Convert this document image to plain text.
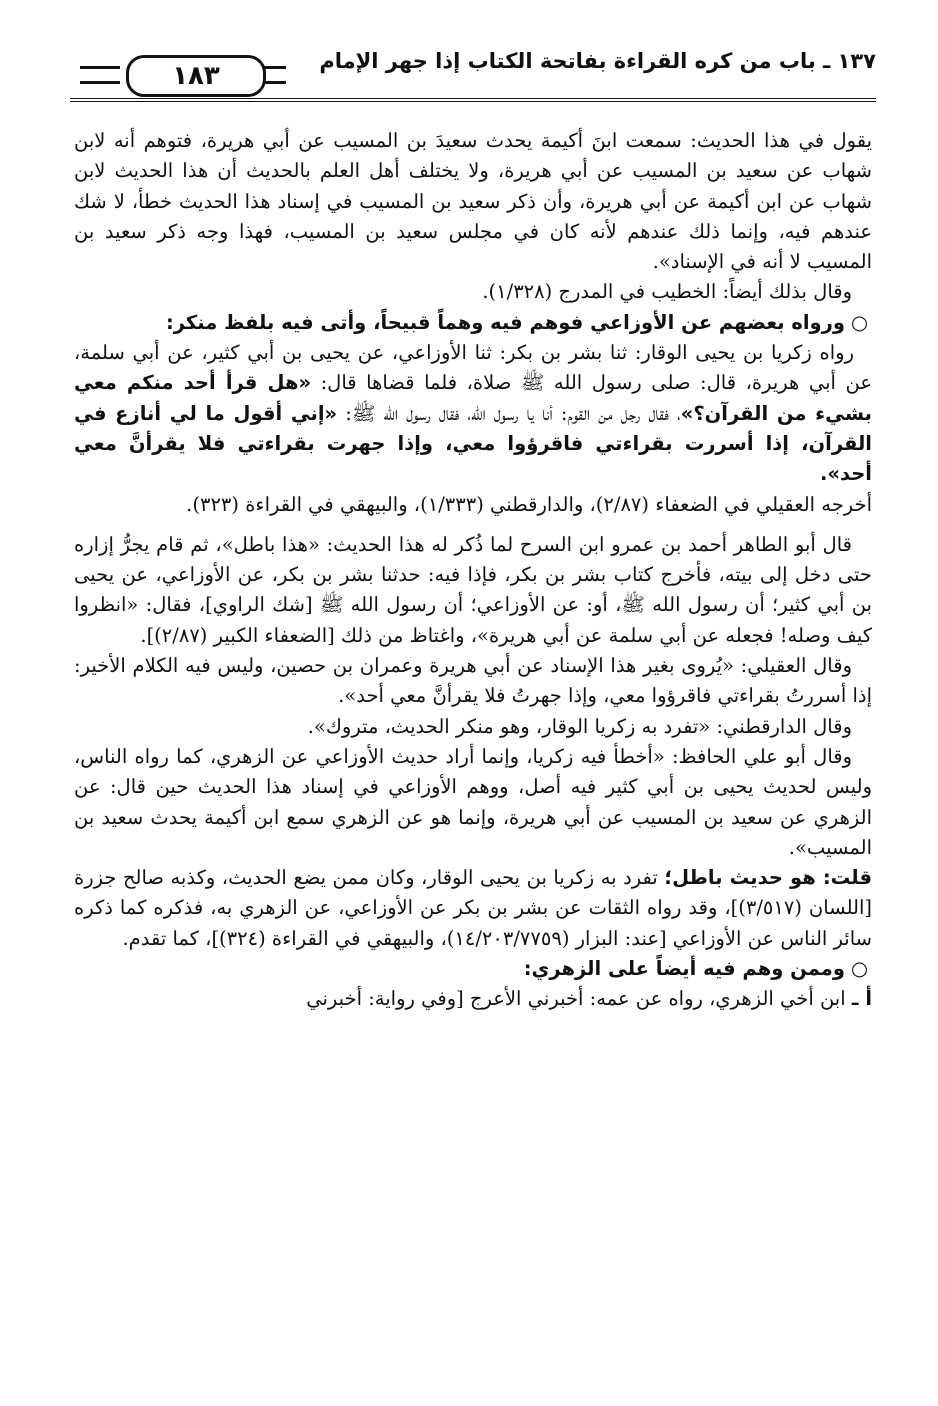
١٣٧ ـ باب من كره القراءة بفاتحة الكتاب إذا جهر الإمام
١٨٣

يقول في هذا الحديث: سمعت ابنَ أكيمة يحدث سعيدَ بن المسيب عن أبي هريرة، فتوهم أنه لابن شهاب عن سعيد بن المسيب عن أبي هريرة، ولا يختلف أهل العلم بالحديث أن هذا الحديث لابن شهاب عن ابن أكيمة عن أبي هريرة، وأن ذكر سعيد بن المسيب في إسناد هذا الحديث خطأ، لا شك عندهم فيه، وإنما ذلك عندهم لأنه كان في مجلس سعيد بن المسيب، فهذا وجه ذكر سعيد بن المسيب لا أنه في الإسناد».

وقال بذلك أيضاً: الخطيب في المدرج (١/٣٢٨).

○ورواه بعضهم عن الأوزاعي فوهم فيه وهماً قبيحاً، وأتى فيه بلفظ منكر:

رواه زكريا بن يحيى الوقار: ثنا بشر بن بكر: ثنا الأوزاعي، عن يحيى بن أبي كثير، عن أبي سلمة، عن أبي هريرة، قال: صلى رسول الله ﷺ صلاة، فلما قضاها قال: «هل قرأ أحد منكم معي بشيء من القرآن؟»، فقال رجل من القوم: أنا يا رسول الله، فقال رسول الله ﷺ: «إني أقول ما لي أنازع في القرآن، إذا أسررت بقراءتي فاقرؤوا معي، وإذا جهرت بقراءتي فلا يقرأنَّ معي أحد».

أخرجه العقيلي في الضعفاء (٢/٨٧)، والدارقطني (١/٣٣٣)، والبيهقي في القراءة (٣٢٣).

قال أبو الطاهر أحمد بن عمرو ابن السرح لما ذُكر له هذا الحديث: «هذا باطل»، ثم قام يجرُّ إزاره حتى دخل إلى بيته، فأخرج كتاب بشر بن بكر، فإذا فيه: حدثنا بشر بن بكر، عن الأوزاعي، عن يحيى بن أبي كثير؛ أن رسول الله ﷺ، أو: عن الأوزاعي؛ أن رسول الله ﷺ [شك الراوي]، فقال: «انظروا كيف وصله! فجعله عن أبي سلمة عن أبي هريرة»، واغتاظ من ذلك [الضعفاء الكبير (٢/٨٧)].

وقال العقيلي: «يُروى بغير هذا الإسناد عن أبي هريرة وعمران بن حصين، وليس فيه الكلام الأخير: إذا أسررتُ بقراءتي فاقرؤوا معي، وإذا جهرتُ فلا يقرأنَّ معي أحد».

وقال الدارقطني: «تفرد به زكريا الوقار، وهو منكر الحديث، متروك».

وقال أبو علي الحافظ: «أخطأ فيه زكريا، وإنما أراد حديث الأوزاعي عن الزهري، كما رواه الناس، وليس لحديث يحيى بن أبي كثير فيه أصل، ووهم الأوزاعي في إسناد هذا الحديث حين قال: عن الزهري عن سعيد بن المسيب عن أبي هريرة، وإنما هو عن الزهري سمع ابن أكيمة يحدث سعيد بن المسيب».

قلت: هو حديث باطل؛ تفرد به زكريا بن يحيى الوقار، وكان ممن يضع الحديث، وكذبه صالح جزرة [اللسان (٣/٥١٧)]، وقد رواه الثقات عن بشر بن بكر عن الأوزاعي، عن الزهري به، فذكره كما ذكره سائر الناس عن الأوزاعي [عند: البزار (١٤/٢٠٣/٧٧٥٩)، والبيهقي في القراءة (٣٢٤)]، كما تقدم.

○وممن وهم فيه أيضاً على الزهري:

أ ـ ابن أخي الزهري، رواه عن عمه: أخبرني الأعرج [وفي رواية: أخبرني
